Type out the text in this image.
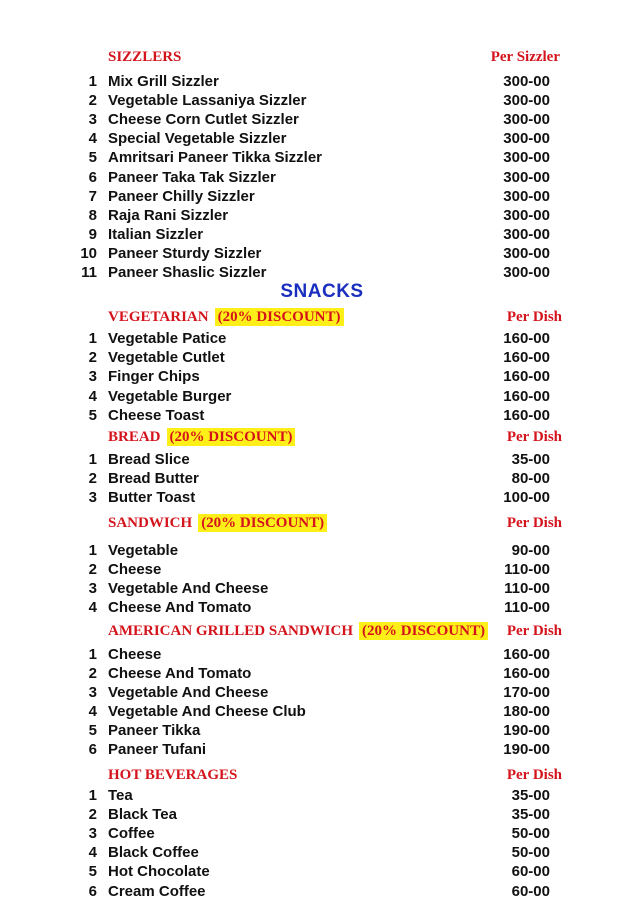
SIZZLERS	Per Sizzler
1 Mix Grill Sizzler	300-00
2 Vegetable Lassaniya Sizzler	300-00
3 Cheese Corn Cutlet Sizzler	300-00
4 Special Vegetable Sizzler	300-00
5 Amritsari Paneer Tikka Sizzler	300-00
6 Paneer Taka Tak Sizzler	300-00
7 Paneer Chilly Sizzler	300-00
8 Raja Rani Sizzler	300-00
9 Italian Sizzler	300-00
10 Paneer Sturdy Sizzler	300-00
11 Paneer Shaslic Sizzler	300-00
SNACKS
VEGETARIAN (20% DISCOUNT)	Per Dish
1 Vegetable Patice	160-00
2 Vegetable Cutlet	160-00
3 Finger Chips	160-00
4 Vegetable Burger	160-00
5 Cheese Toast	160-00
BREAD (20% DISCOUNT)	Per Dish
1 Bread Slice	35-00
2 Bread Butter	80-00
3 Butter Toast	100-00
SANDWICH (20% DISCOUNT)	Per Dish
1 Vegetable	90-00
2 Cheese	110-00
3 Vegetable And Cheese	110-00
4 Cheese And Tomato	110-00
AMERICAN GRILLED SANDWICH (20% DISCOUNT) Per Dish
1 Cheese	160-00
2 Cheese And Tomato	160-00
3 Vegetable And Cheese	170-00
4 Vegetable And Cheese Club	180-00
5 Paneer Tikka	190-00
6 Paneer Tufani	190-00
HOT BEVERAGES	Per Dish
1 Tea	35-00
2 Black Tea	35-00
3 Coffee	50-00
4 Black Coffee	50-00
5 Hot Chocolate	60-00
6 Cream Coffee	60-00
